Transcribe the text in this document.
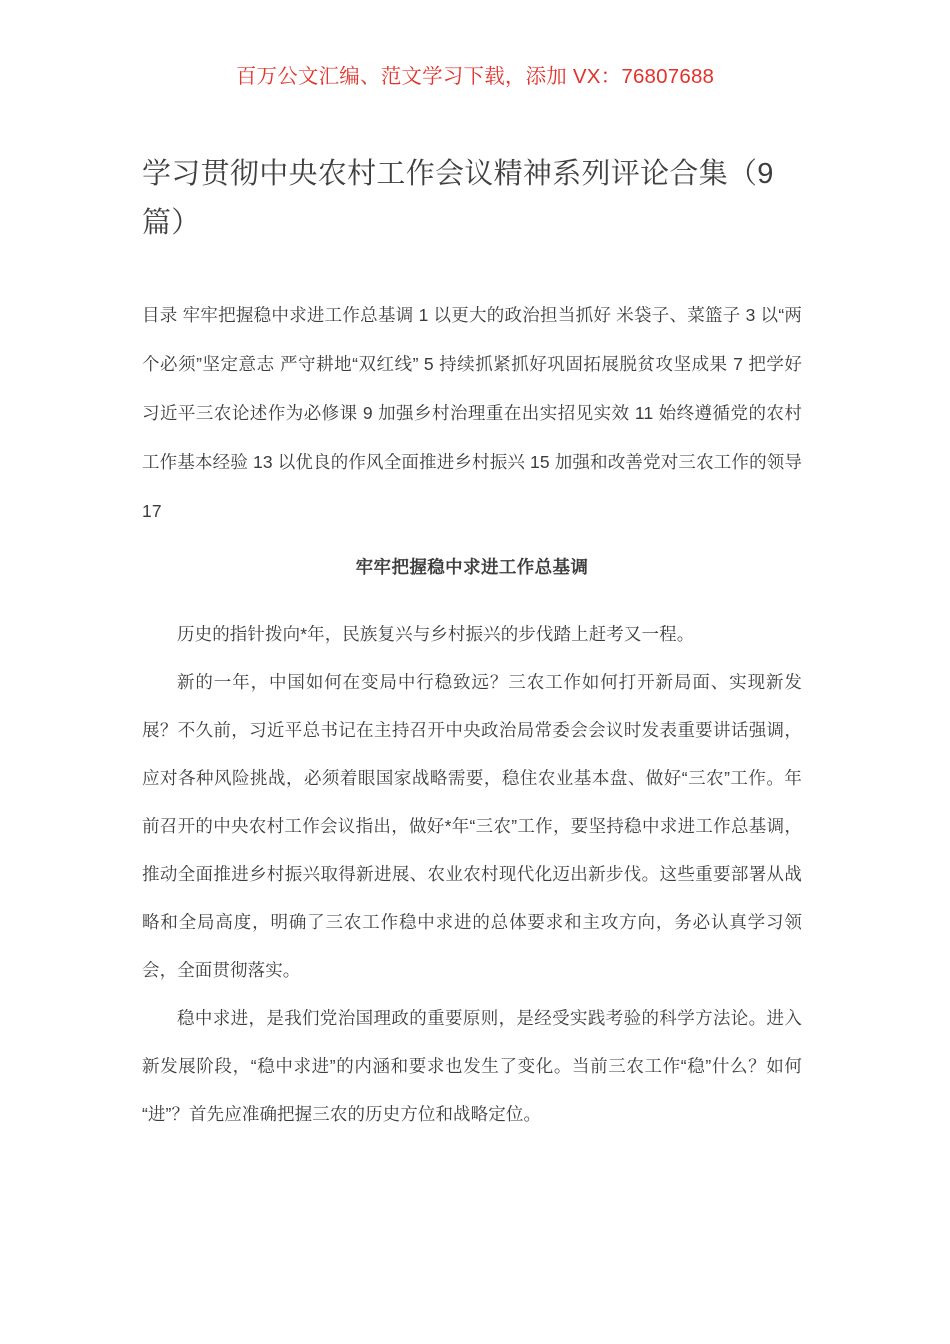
百万公文汇编、范文学习下载，添加 VX：76807688
学习贯彻中央农村工作会议精神系列评论合集（9篇）

目录 牢牢把握稳中求进工作总基调 1 以更大的政治担当抓好 米袋子、菜篮子 3 以“两个必须”坚定意志 严守耕地“双红线” 5 持续抓紧抓好巩固拓展脱贫攻坚成果 7 把学好习近平三农论述作为必修课 9 加强乡村治理重在出实招见实效 11 始终遵循党的农村工作基本经验 13 以优良的作风全面推进乡村振兴 15 加强和改善党对三农工作的领导 17

牢牢把握稳中求进工作总基调

历史的指针拨向*年，民族复兴与乡村振兴的步伐踏上赶考又一程。

新的一年，中国如何在变局中行稳致远？三农工作如何打开新局面、实现新发展？不久前，习近平总书记在主持召开中央政治局常委会会议时发表重要讲话强调，应对各种风险挑战，必须着眼国家战略需要，稳住农业基本盘、做好“三农”工作。年前召开的中央农村工作会议指出，做好*年“三农”工作，要坚持稳中求进工作总基调，推动全面推进乡村振兴取得新进展、农业农村现代化迈出新步伐。这些重要部署从战略和全局高度，明确了三农工作稳中求进的总体要求和主攻方向，务必认真学习领会，全面贯彻落实。

稳中求进，是我们党治国理政的重要原则，是经受实践考验的科学方法论。进入新发展阶段，“稳中求进”的内涵和要求也发生了变化。当前三农工作“稳”什么？如何“进”？首先应准确把握三农的历史方位和战略定位。
